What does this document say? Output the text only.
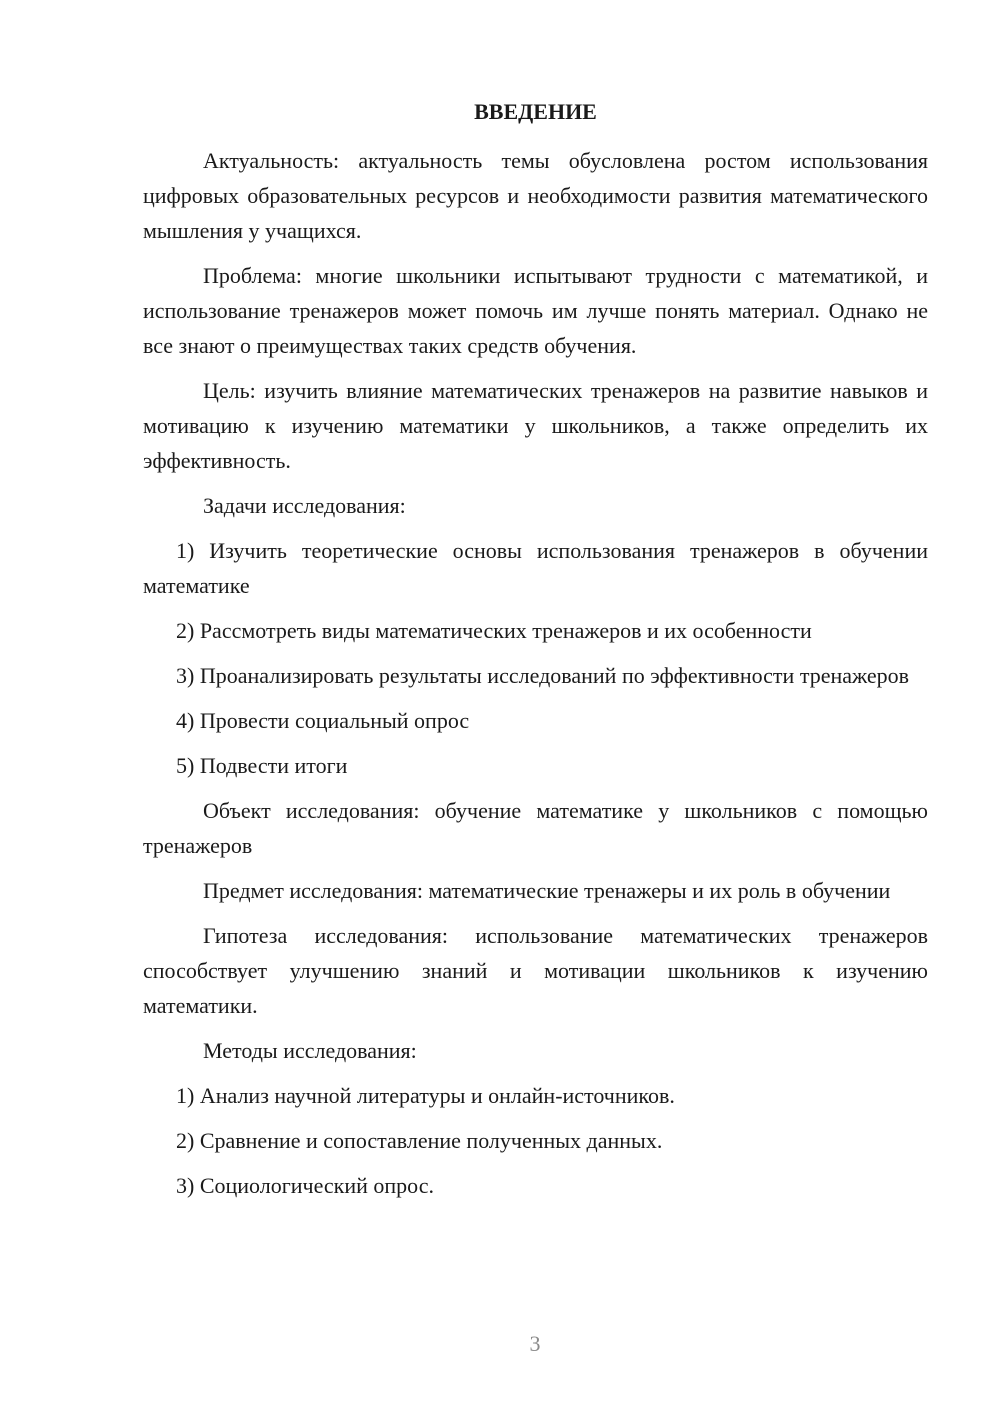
ВВЕДЕНИЕ

Актуальность: актуальность темы обусловлена ростом использования цифровых образовательных ресурсов и необходимости развития математического мышления у учащихся.

Проблема: многие школьники испытывают трудности с математикой, и использование тренажеров может помочь им лучше понять материал. Однако не все знают о преимуществах таких средств обучения.

Цель: изучить влияние математических тренажеров на развитие навыков и мотивацию к изучению математики у школьников, а также определить их эффективность.

Задачи исследования:

1) Изучить теоретические основы использования тренажеров в обучении математике

2) Рассмотреть виды математических тренажеров и их особенности

3) Проанализировать результаты исследований по эффективности тренажеров

4) Провести социальный опрос

5) Подвести итоги

Объект исследования: обучение математике у школьников с помощью тренажеров

Предмет исследования: математические тренажеры и их роль в обучении

Гипотеза исследования: использование математических тренажеров способствует улучшению знаний и мотивации школьников к изучению математики.

Методы исследования:

1) Анализ научной литературы и онлайн-источников.

2) Сравнение и сопоставление полученных данных.

3) Социологический опрос.

3
